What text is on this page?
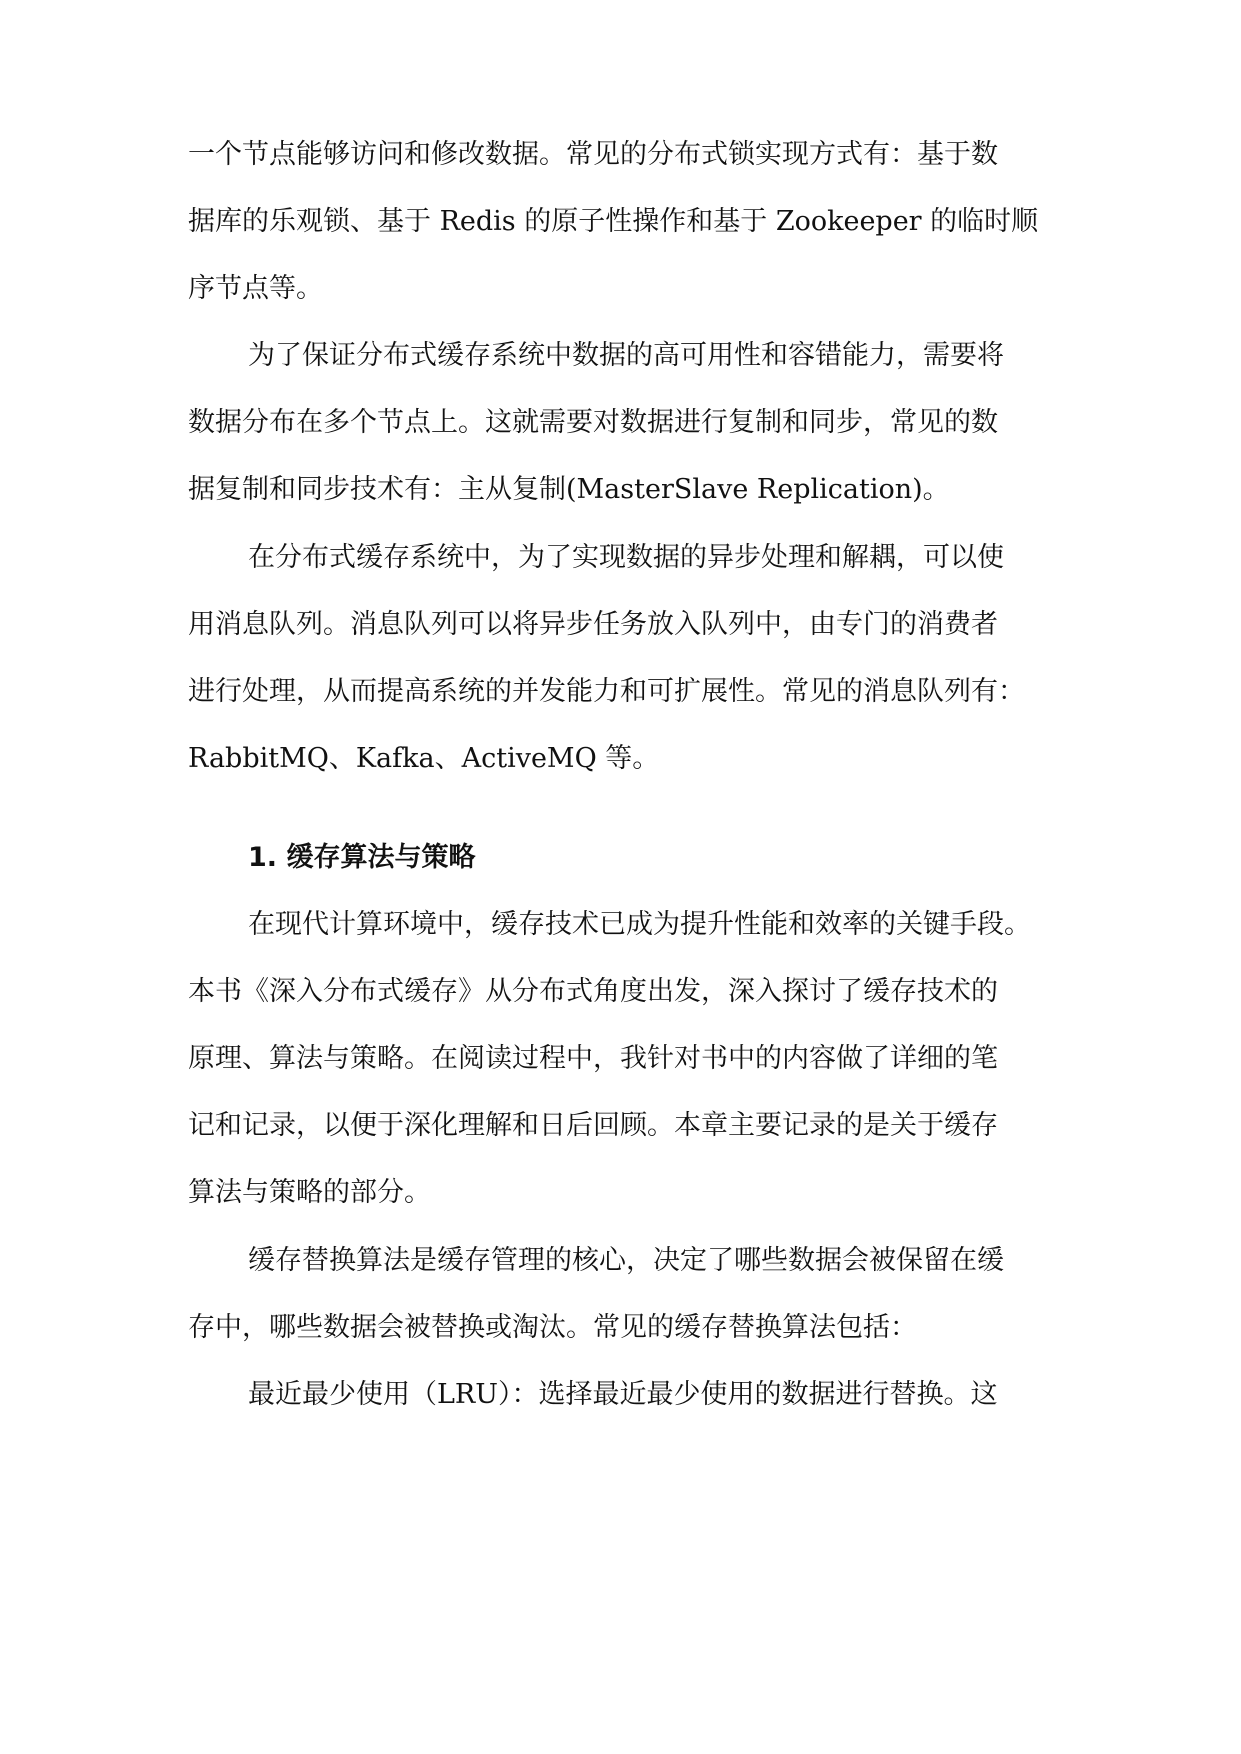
一个节点能够访问和修改数据。常见的分布式锁实现方式有：基于数
据库的乐观锁、基于 Redis 的原子性操作和基于 Zookeeper 的临时顺
序节点等。
为了保证分布式缓存系统中数据的高可用性和容错能力，需要将
数据分布在多个节点上。这就需要对数据进行复制和同步，常见的数
据复制和同步技术有：主从复制(MasterSlave Replication)。
在分布式缓存系统中，为了实现数据的异步处理和解耦，可以使
用消息队列。消息队列可以将异步任务放入队列中，由专门的消费者
进行处理，从而提高系统的并发能力和可扩展性。常见的消息队列有：
RabbitMQ、Kafka、ActiveMQ 等。
1. 缓存算法与策略
在现代计算环境中，缓存技术已成为提升性能和效率的关键手段。
本书《深入分布式缓存》从分布式角度出发，深入探讨了缓存技术的
原理、算法与策略。在阅读过程中，我针对书中的内容做了详细的笔
记和记录，以便于深化理解和日后回顾。本章主要记录的是关于缓存
算法与策略的部分。
缓存替换算法是缓存管理的核心，决定了哪些数据会被保留在缓
存中，哪些数据会被替换或淘汰。常见的缓存替换算法包括：
最近最少使用（LRU）：选择最近最少使用的数据进行替换。这
